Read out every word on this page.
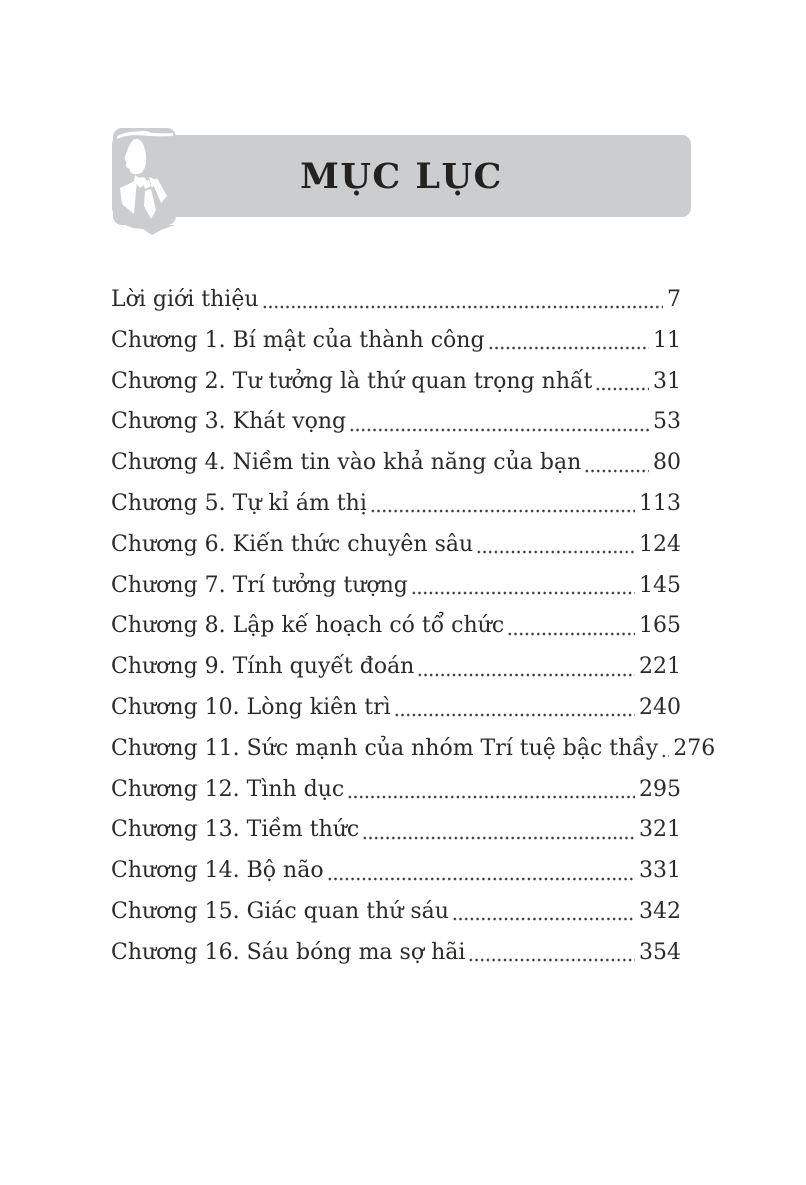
MỤC LỤC
Lời giới thiệu	7
Chương 1. Bí mật của thành công	11
Chương 2. Tư tưởng là thứ quan trọng nhất	31
Chương 3. Khát vọng	53
Chương 4. Niềm tin vào khả năng của bạn	80
Chương 5. Tự kỉ ám thị	113
Chương 6. Kiến thức chuyên sâu	124
Chương 7. Trí tưởng tượng	145
Chương 8. Lập kế hoạch có tổ chức	165
Chương 9. Tính quyết đoán	221
Chương 10. Lòng kiên trì	240
Chương 11. Sức mạnh của nhóm Trí tuệ bậc thầy 276
Chương 12. Tình dục	295
Chương 13. Tiềm thức	321
Chương 14. Bộ não	331
Chương 15. Giác quan thứ sáu	342
Chương 16. Sáu bóng ma sợ hãi	354
